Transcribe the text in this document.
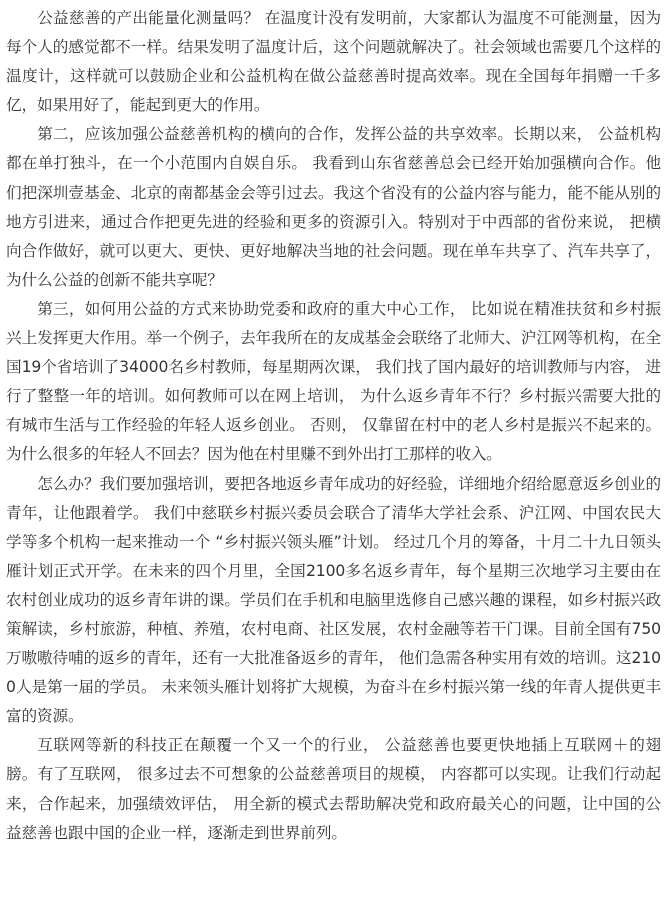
公益慈善的产出能量化测量吗？ 在温度计没有发明前，大家都认为温度不可能测量，因为每个人的感觉都不一样。结果发明了温度计后，这个问题就解决了。社会领域也需要几个这样的温度计，这样就可以鼓励企业和公益机构在做公益慈善时提高效率。现在全国每年捐赠一千多亿，如果用好了，能起到更大的作用。

第二，应该加强公益慈善机构的横向的合作，发挥公益的共享效率。长期以来， 公益机构都在单打独斗，在一个小范围内自娱自乐。 我看到山东省慈善总会已经开始加强横向合作。他们把深圳壹基金、北京的南都基金会等引过去。我这个省没有的公益内容与能力，能不能从别的地方引进来，通过合作把更先进的经验和更多的资源引入。特别对于中西部的省份来说， 把横向合作做好，就可以更大、更快、更好地解决当地的社会问题。现在单车共享了、汽车共享了，为什么公益的创新不能共享呢？

第三，如何用公益的方式来协助党委和政府的重大中心工作， 比如说在精准扶贫和乡村振兴上发挥更大作用。举一个例子，去年我所在的友成基金会联络了北师大、沪江网等机构，在全国19个省培训了34000名乡村教师，每星期两次课， 我们找了国内最好的培训教师与内容， 进行了整整一年的培训。如何教师可以在网上培训， 为什么返乡青年不行？乡村振兴需要大批的有城市生活与工作经验的年轻人返乡创业。 否则， 仅靠留在村中的老人乡村是振兴不起来的。为什么很多的年轻人不回去？因为他在村里赚不到外出打工那样的收入。

怎么办？我们要加强培训，要把各地返乡青年成功的好经验，详细地介绍给愿意返乡创业的青年，让他跟着学。 我们中慈联乡村振兴委员会联合了清华大学社会系、沪江网、中国农民大学等多个机构一起来推动一个 “乡村振兴领头雁”计划。 经过几个月的筹备，十月二十九日领头雁计划正式开学。在未来的四个月里，全国2100多名返乡青年，每个星期三次地学习主要由在农村创业成功的返乡青年讲的课。学员们在手机和电脑里选修自己感兴趣的课程，如乡村振兴政策解读，乡村旅游，种植、养殖，农村电商、社区发展，农村金融等若干门课。目前全国有750万嗷嗷待哺的返乡的青年，还有一大批准备返乡的青年， 他们急需各种实用有效的培训。这2100人是第一届的学员。 未来领头雁计划将扩大规模，为奋斗在乡村振兴第一线的年青人提供更丰富的资源。

互联网等新的科技正在颠覆一个又一个的行业， 公益慈善也要更快地插上互联网＋的翅膀。有了互联网， 很多过去不可想象的公益慈善项目的规模， 内容都可以实现。让我们行动起来，合作起来，加强绩效评估， 用全新的模式去帮助解决党和政府最关心的问题，让中国的公益慈善也跟中国的企业一样，逐渐走到世界前列。
